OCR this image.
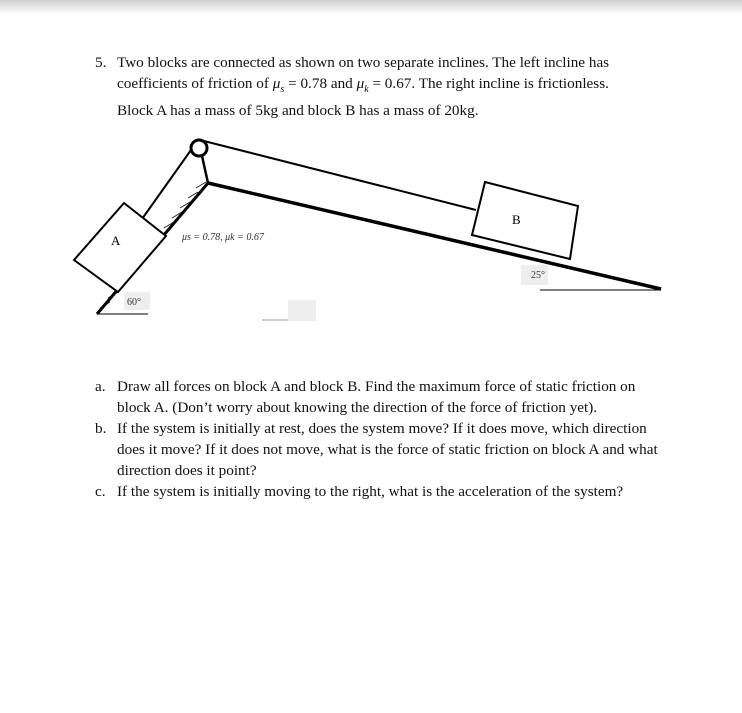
5. Two blocks are connected as shown on two separate inclines. The left incline has
coefficients of friction of $\mu_s = 0.78$ and $\mu_k = 0.67$. The right incline is frictionless.
Block A has a mass of 5kg and block B has a mass of 20kg.
A
B
μs = 0.78, μk = 0.67
60°
25°
a. Draw all forces on block A and block B. Find the maximum force of static friction on
block A. (Don’t worry about knowing the direction of the force of friction yet).
b. If the system is initially at rest, does the system move? If it does move, which direction
does it move? If it does not move, what is the force of static friction on block A and what
direction does it point?
c. If the system is initially moving to the right, what is the acceleration of the system?
